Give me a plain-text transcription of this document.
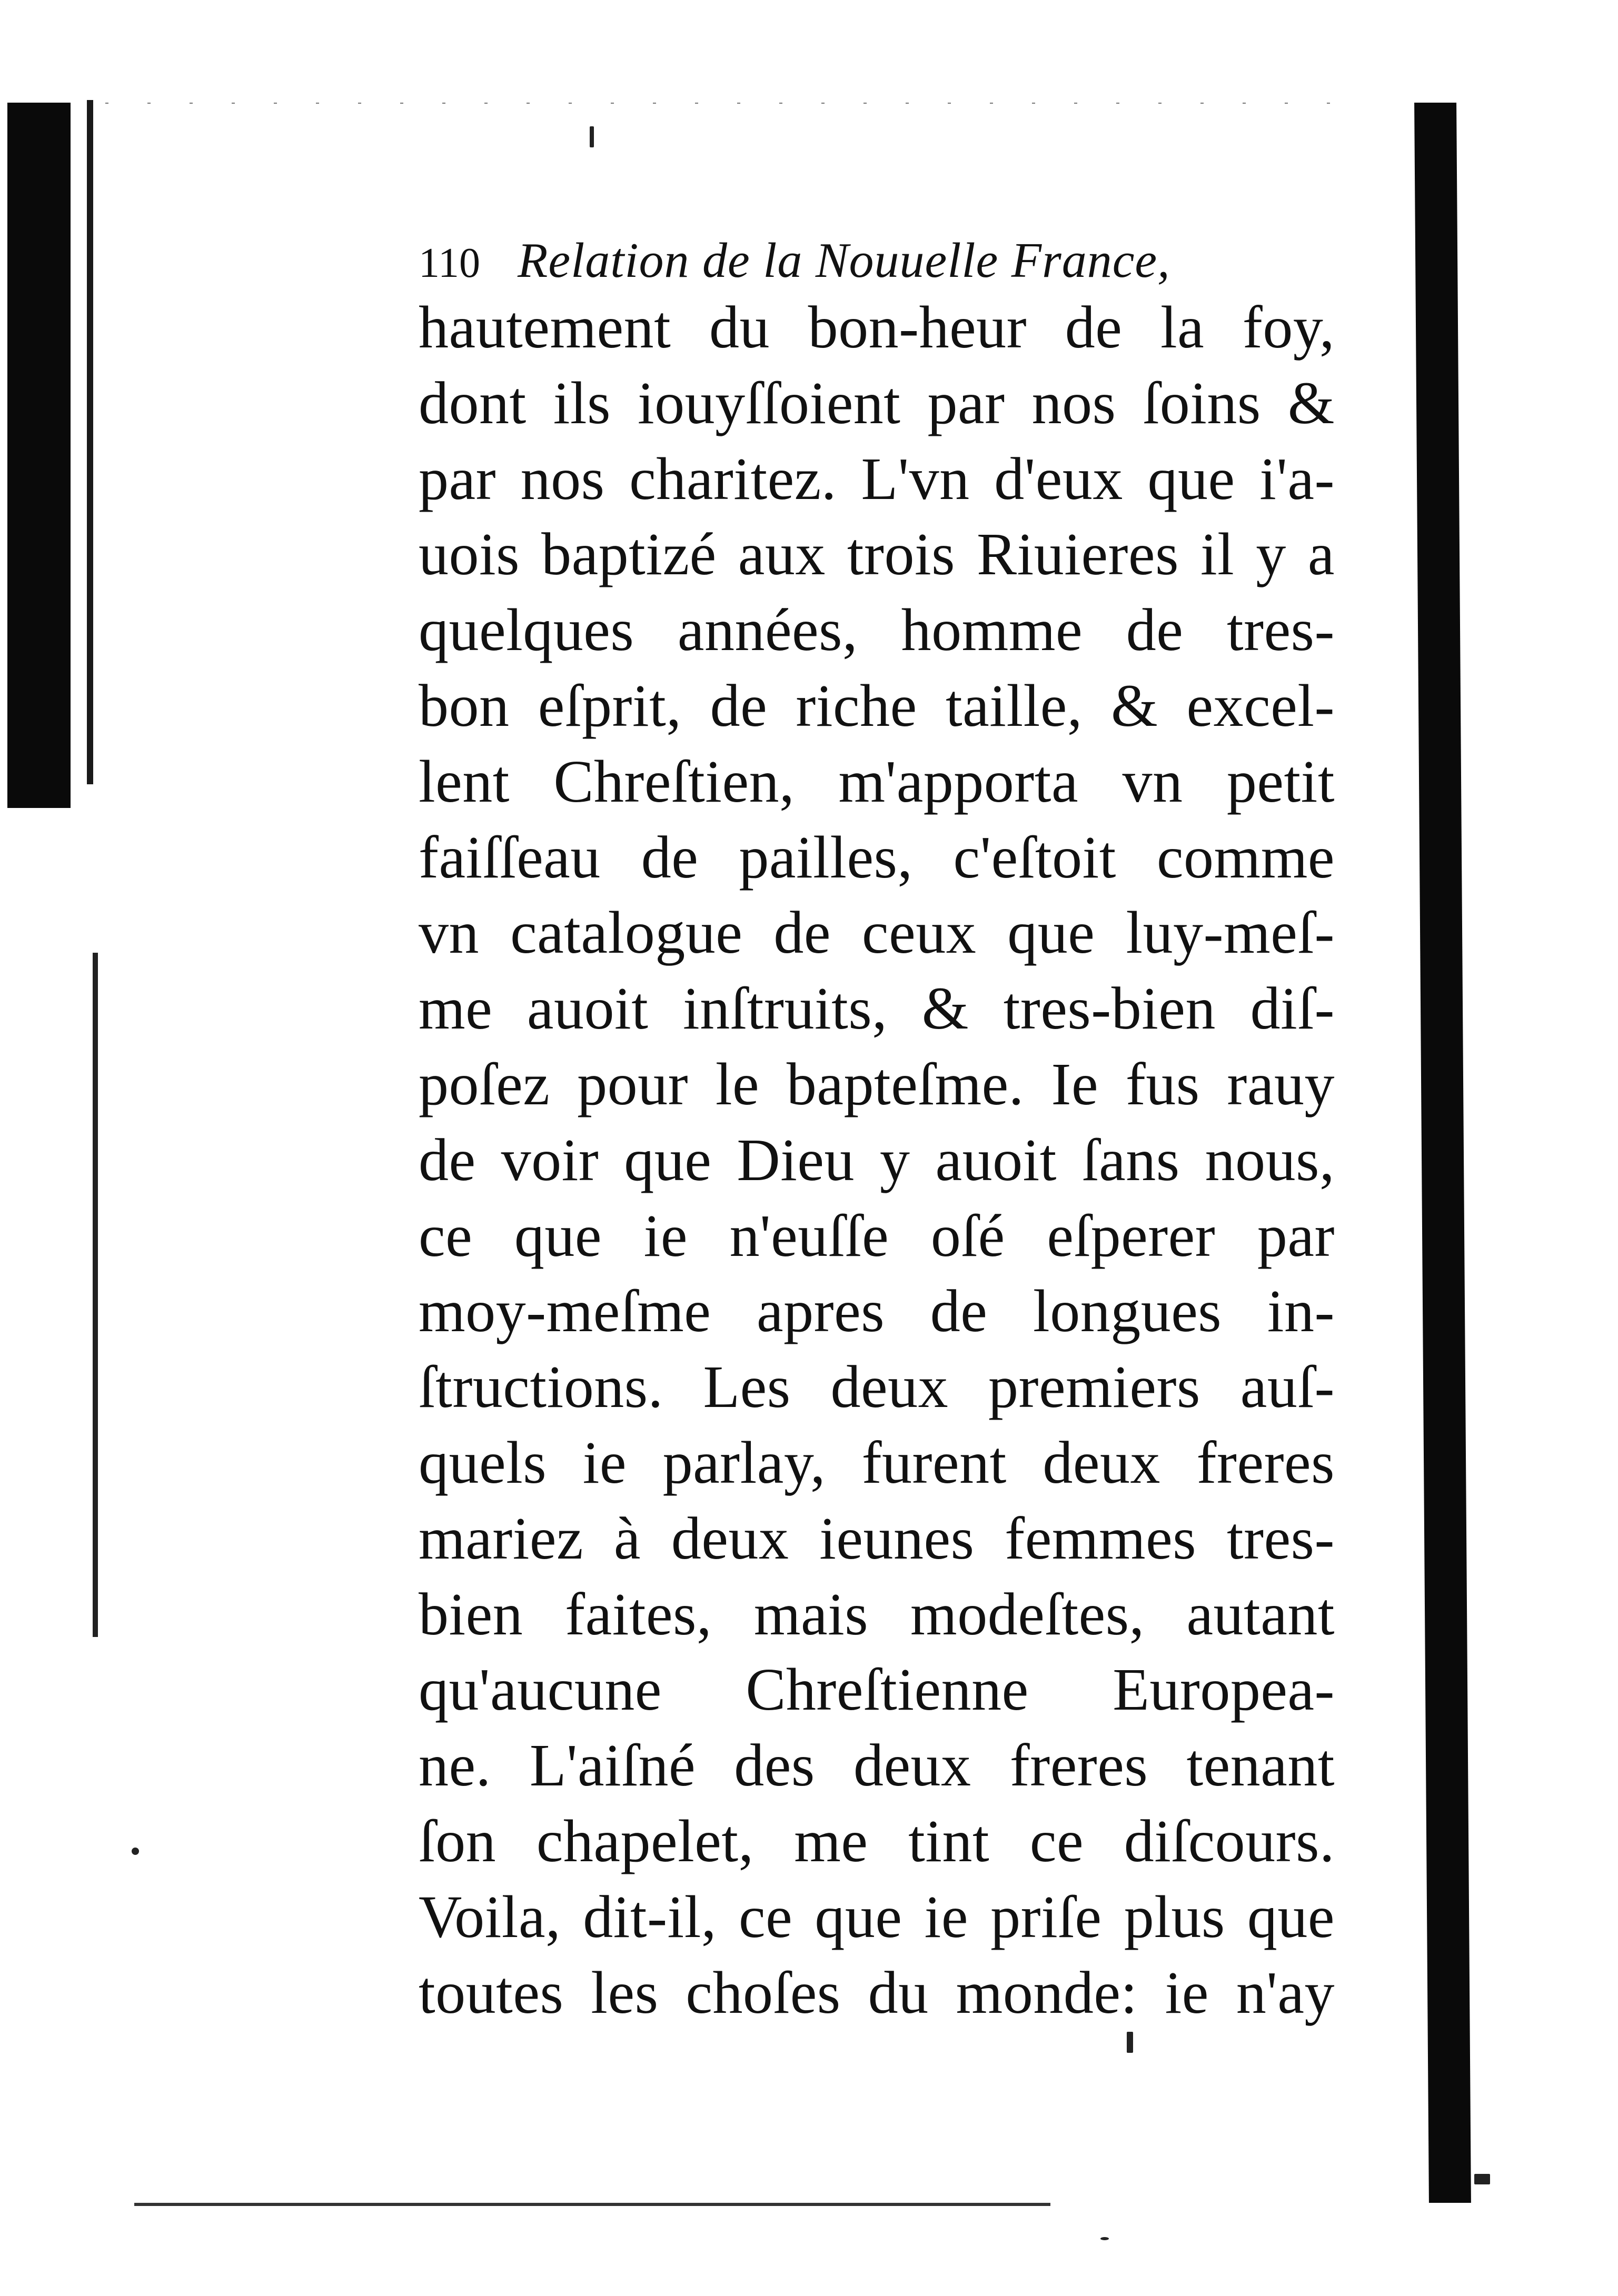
110 Relation de la Nouuelle France,
hautement du bon-heur de la foy,
dont ils iouyſſoient par nos ſoins &
par nos charitez. L'vn d'eux que i'a-
uois baptizé aux trois Riuieres il y a
quelques années, homme de tres-
bon eſprit, de riche taille, & excel-
lent Chreſtien, m'apporta vn petit
faiſſeau de pailles, c'eſtoit comme
vn catalogue de ceux que luy-meſ-
me auoit inſtruits, & tres-bien diſ-
poſez pour le bapteſme. Ie fus rauy
de voir que Dieu y auoit ſans nous,
ce que ie n'euſſe oſé eſperer par
moy-meſme apres de longues in-
ſtructions. Les deux premiers auſ-
quels ie parlay, furent deux freres
mariez à deux ieunes femmes tres-
bien faites, mais modeſtes, autant
qu'aucune Chreſtienne Europea-
ne. L'aiſné des deux freres tenant
ſon chapelet, me tint ce diſcours.
Voila, dit-il, ce que ie priſe plus que
toutes les choſes du monde: ie n'ay
